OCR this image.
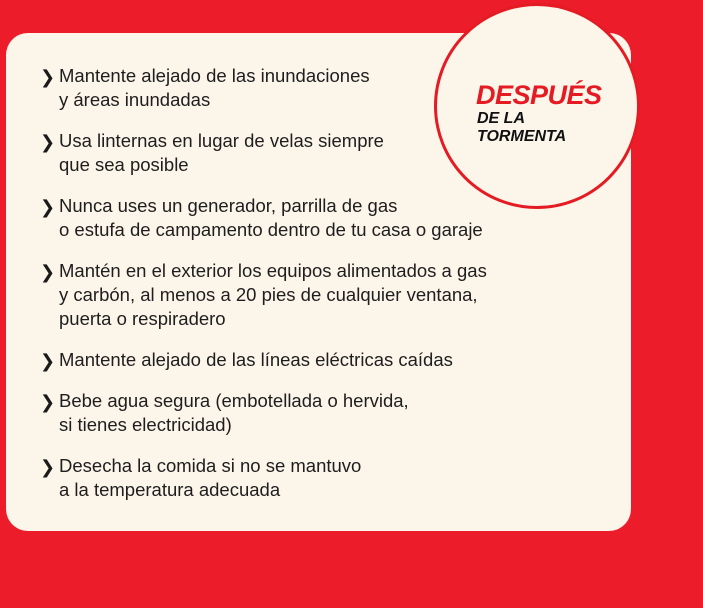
DESPUÉS
DE LA
TORMENTA
❯ Mantente alejado de las inundaciones
y áreas inundadas
❯ Usa linternas en lugar de velas siempre
que sea posible
❯ Nunca uses un generador, parrilla de gas
o estufa de campamento dentro de tu casa o garaje
❯ Mantén en el exterior los equipos alimentados a gas
y carbón, al menos a 20 pies de cualquier ventana,
puerta o respiradero
❯ Mantente alejado de las líneas eléctricas caídas
❯ Bebe agua segura (embotellada o hervida,
si tienes electricidad)
❯ Desecha la comida si no se mantuvo
a la temperatura adecuada
